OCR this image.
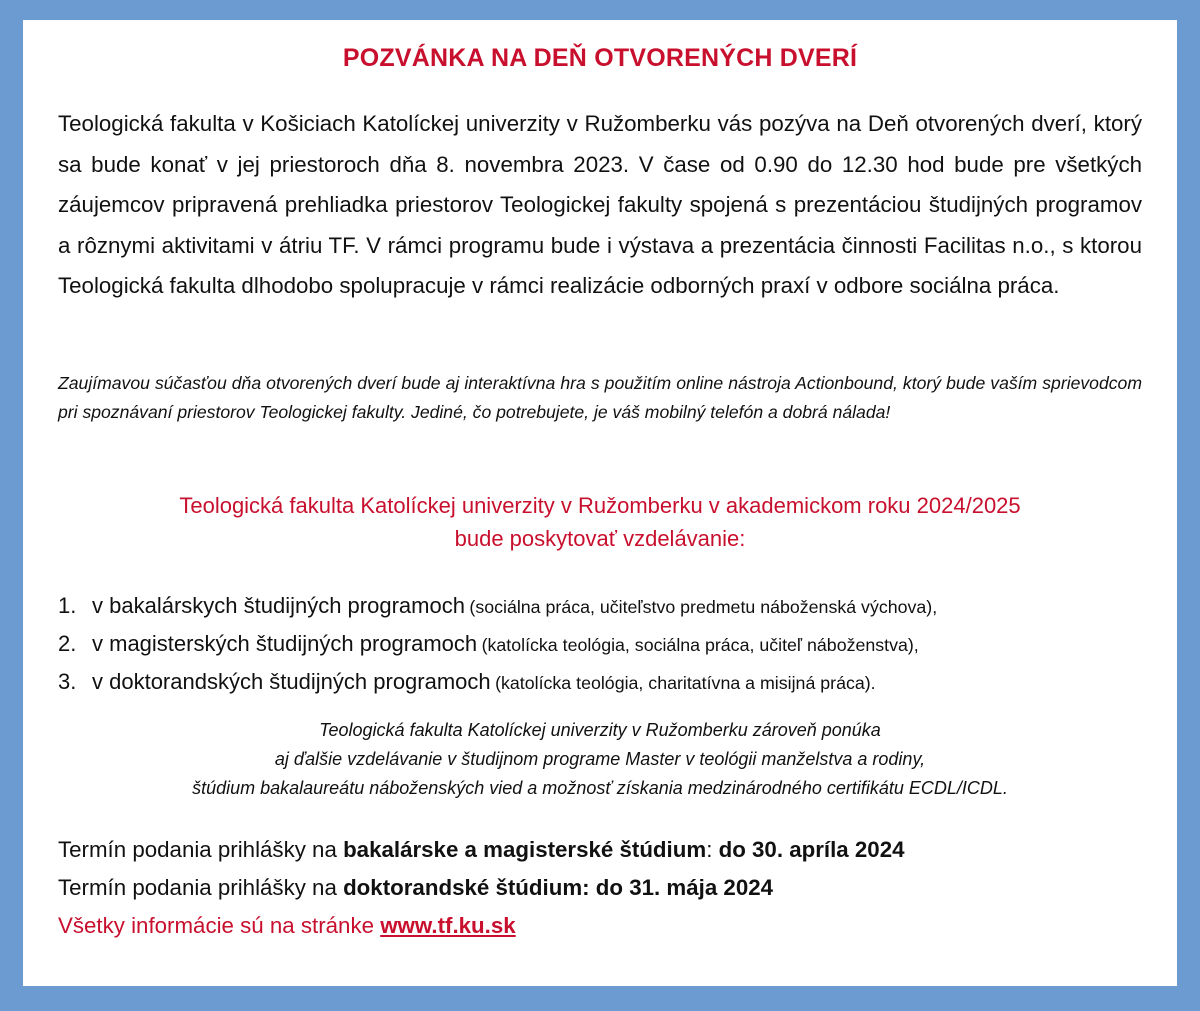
POZVÁNKA NA DEŇ OTVORENÝCH DVERÍ
Teologická fakulta v Košiciach Katolíckej univerzity v Ružomberku vás pozýva na Deň otvorených dverí, ktorý sa bude konať v jej priestoroch dňa 8. novembra 2023. V čase od 0.90 do 12.30 hod bude pre všetkých záujemcov pripravená prehliadka priestorov Teologickej fakulty spojená s prezentáciou študijných programov a rôznymi aktivitami v átriu TF. V rámci programu bude i výstava a prezentácia činnosti Facilitas n.o., s ktorou Teologická fakulta dlhodobo spolupracuje v rámci realizácie odborných praxí v odbore sociálna práca.
Zaujímavou súčasťou dňa otvorených dverí bude aj interaktívna hra s použitím online nástroja Actionbound, ktorý bude vaším sprievodcom pri spoznávaní priestorov Teologickej fakulty. Jediné, čo potrebujete, je váš mobilný telefón a dobrá nálada!
Teologická fakulta Katolíckej univerzity v Ružomberku v akademickom roku 2024/2025
bude poskytovať vzdelávanie:
1. v bakalárskych študijných programoch (sociálna práca, učiteľstvo predmetu náboženská výchova),
2. v magisterských študijných programoch (katolícka teológia, sociálna práca, učiteľ náboženstva),
3. v doktorandských študijných programoch (katolícka teológia, charitatívna a misijná práca).
Teologická fakulta Katolíckej univerzity v Ružomberku zároveň ponúka
aj ďalšie vzdelávanie v študijnom programe Master v teológii manželstva a rodiny,
štúdium bakalaureátu náboženských vied a možnosť získania medzinárodného certifikátu ECDL/ICDL.
Termín podania prihlášky na bakalárske a magisterské štúdium: do 30. apríla 2024
Termín podania prihlášky na doktorandské štúdium: do 31. mája 2024
Všetky informácie sú na stránke www.tf.ku.sk
